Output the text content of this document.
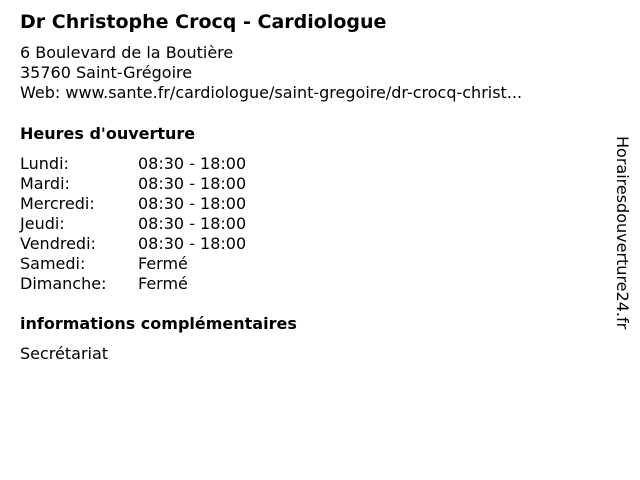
Dr Christophe Crocq - Cardiologue
6 Boulevard de la Boutière
35760 Saint-Grégoire
Web: www.sante.fr/cardiologue/saint-gregoire/dr-crocq-christ...
Heures d'ouverture
Lundi:	08:30 - 18:00
Mardi:	08:30 - 18:00
Mercredi:	08:30 - 18:00
Jeudi:	08:30 - 18:00
Vendredi:	08:30 - 18:00
Samedi:	Fermé
Dimanche: Fermé
informations complémentaires
Secrétariat
Horairesdouverture24.fr
